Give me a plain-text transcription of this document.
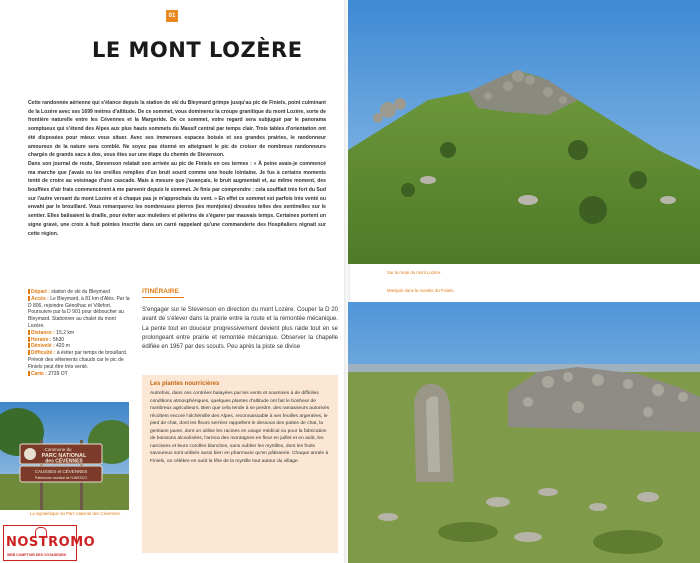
01
LE MONT LOZÈRE

Cette randonnée aérienne qui s'élance depuis la station de ski du Bleymard grimpe jusqu'au pic de Finiels, point culminant de la Lozère avec ses 1699 mètres d'altitude. De ce sommet, vous dominerez la croupe granitique du mont Lozère, sorte de frontière naturelle entre les Cévennes et la Margeride. De ce sommet, votre regard sera subjugué par le panorama somptueux qui s'étend des Alpes aux plus hauts sommets du Massif central par temps clair. Trois tables d'orientation ont été disposées pour mieux vous situer. Avec ses immenses espaces boisés et ses grandes prairies, le randonneur amoureux de la nature sera comblé. Ne soyez pas étonné en atteignant le pic de croiser de nombreux randonneurs chargés de grands sacs à dos, vous êtes sur une étape du chemin de Stevenson.

Dans son journal de route, Stevenson relatait son arrivée au pic de Finiels en ces termes : « À peine avais-je commencé ma marche que j'avais eu les oreilles remplies d'un bruit sourd comme une houle lointaine. Je fus à certains moments tenté de croire au voisinage d'une cascade. Mais à mesure que j'avançais, le bruit augmentait et, au même moment, des bouffées d'air frais commencèrent à me parvenir depuis le sommet. Je finis par comprendre : cela soufflait très fort du Sud sur l'autre versant du mont Lozère et à chaque pas je m'approchais du vent. » En effet ce sommet est parfois très venté ou envahi par le brouillard. Vous remarquerez les nombreuses pierres (les montjoies) dressées telles des sentinelles sur le sentier. Elles balisaient la draille, pour éviter aux muletiers et pèlerins de s'égarer par mauvais temps. Certaines portent un signe gravé, une croix à huit pointes inscrite dans un carré rappelant qu'une commanderie des Hospitaliers régnait sur cette région.

Départ : station de ski du Bleymard
Accès : Le Bleymard, à 81 km d'Alès. Par la D 806, rejoindre Génolhac et Villefort. Poursuivre par la D 901 pour déboucher au Bleymard. Stationner au chalet du mont Lozère.
Distance : 15,2 km
Horaire : 5h30
Dénivelé : 420 m
Difficulté : à éviter par temps de brouillard. Prévoir des vêtements chauds car le pic de Finiels peut être très venté.
Carte : 2739 OT
ITINÉRAIRE
S'engager sur le Stevenson en direction du mont Lozère. Couper la D 20 avant de s'élever dans la prairie entre la route et la remontée mécanique. La pente tout en douceur progressivement devient plus raide tout en se prolongeant entre prairie et remontée mécanique. Observer la chapelle édifiée en 1967 par des scouts. Peu après la piste se divise
Les plantes nourricières
Autrefois, dans ces contrées balayées par les vents et soumises à de difficiles conditions atmosphériques, quelques plantes d'altitude ont fait le bonheur de nombreux agriculteurs. Bien que cela tende à se perdre, des ramasseurs autorisés récoltent encore l'alchémille des Alpes, reconnaissable à ses feuilles argentées, le pied de chat, dont les fleurs serrées rappellent le dessous des pattes de chat, la gentiane jaune, dont on utilise les racines en usage médical ou pour la fabrication de boissons alcoolisées, l'arnica des montagnes en fleur en juillet et en août, les narcisses et leurs corolles blanches, sans oublier les myrtilles, dont les fruits savoureux sont utilisés aussi bien en pharmacie qu'en pâtisserie. Chaque année à Finiels, on célèbre en août la fête de la myrtille tout autour du village.
Commune du
PARC NATIONAL
des CÉVENNES
CAUSSES et CÉVENNES
Patrimoine mondial de l'UNESCO
La signalétique du Parc national des Cévennes.
NOSTROMO
WEB COMPTOIR DES VOYAGEURS
Sur la route du mont Lozère.
Montjoie dans la montée du Finiels.
